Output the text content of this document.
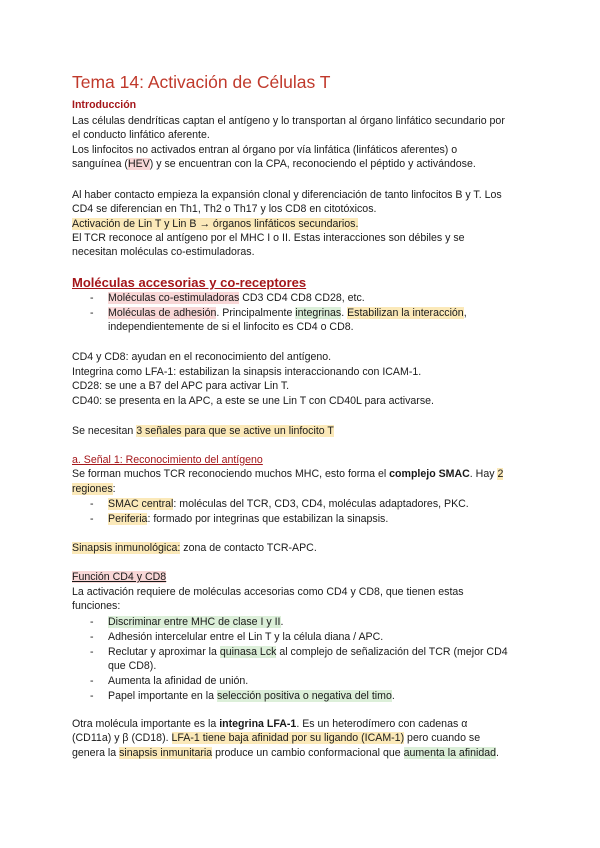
Tema 14: Activación de Células T
Introducción
Las células dendríticas captan el antígeno y lo transportan al órgano linfático secundario por
el conducto linfático aferente.
Los linfocitos no activados entran al órgano por vía linfática (linfáticos aferentes) o
sanguínea (HEV) y se encuentran con la CPA, reconociendo el péptido y activándose.
Al haber contacto empieza la expansión clonal y diferenciación de tanto linfocitos B y T. Los
CD4 se diferencian en Th1, Th2 o Th17 y los CD8 en citotóxicos.
Activación de Lin T y Lin B → órganos linfáticos secundarios.
El TCR reconoce al antígeno por el MHC I o II. Estas interacciones son débiles y se
necesitan moléculas co-estimuladoras.
Moléculas accesorias y co-receptores
- Moléculas co-estimuladoras CD3 CD4 CD8 CD28, etc.
- Moléculas de adhesión. Principalmente integrinas. Estabilizan la interacción,
independientemente de si el linfocito es CD4 o CD8.
CD4 y CD8: ayudan en el reconocimiento del antígeno.
Integrina como LFA-1: estabilizan la sinapsis interaccionando con ICAM-1.
CD28: se une a B7 del APC para activar Lin T.
CD40: se presenta en la APC, a este se une Lin T con CD40L para activarse.
Se necesitan 3 señales para que se active un linfocito T
a. Señal 1: Reconocimiento del antígeno
Se forman muchos TCR reconociendo muchos MHC, esto forma el complejo SMAC. Hay 2
regiones:
- SMAC central: moléculas del TCR, CD3, CD4, moléculas adaptadores, PKC.
- Periferia: formado por integrinas que estabilizan la sinapsis.
Sinapsis inmunológica: zona de contacto TCR-APC.
Función CD4 y CD8
La activación requiere de moléculas accesorias como CD4 y CD8, que tienen estas
funciones:
- Discriminar entre MHC de clase I y II.
- Adhesión intercelular entre el Lin T y la célula diana / APC.
- Reclutar y aproximar la quinasa Lck al complejo de señalización del TCR (mejor CD4
que CD8).
- Aumenta la afinidad de unión.
- Papel importante en la selección positiva o negativa del timo.
Otra molécula importante es la integrina LFA-1. Es un heterodímero con cadenas α
(CD11a) y β (CD18). LFA-1 tiene baja afinidad por su ligando (ICAM-1) pero cuando se
genera la sinapsis inmunitaria produce un cambio conformacional que aumenta la afinidad.
